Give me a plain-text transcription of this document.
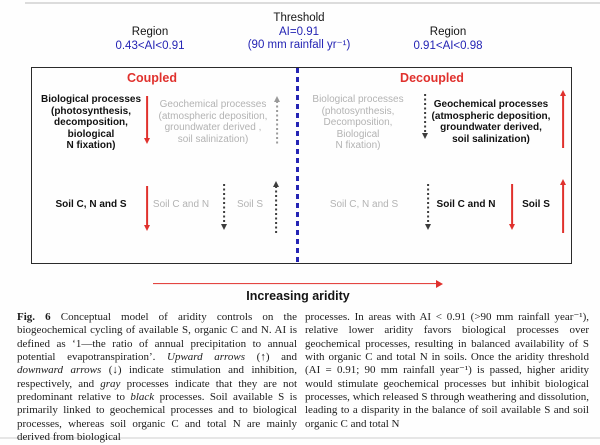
Region
0.43<AI<0.91
Threshold
AI=0.91
(90 mm rainfall yr⁻¹)
Region
0.91<AI<0.98
Coupled
Biological processes
(photosynthesis,
decomposition,
biological
N fixation)
Geochemical processes
(atmospheric deposition,
groundwater derived ,
soil salinization)
Soil C, N and S	Soil C and N	Soil S
Decoupled
Biological processes
(photosynthesis,
Decomposition,
Biological
N fixation)
Geochemical processes
(atmospheric deposition,
groundwater derived,
soil salinization)
Soil C, N and S	Soil C and N	Soil S
Increasing aridity
Fig. 6 Conceptual model of aridity controls on the biogeochemical cycling of available S, organic C and N. AI is defined as ‘1—the ratio of annual precipitation to annual potential evapotranspiration’. Upward arrows (↑) and downward arrows (↓) indicate stimulation and inhibition, respectively, and gray processes indicate that they are not predominant relative to black processes. Soil available S is primarily linked to geochemical processes and to biological processes, whereas soil organic C and total N are mainly derived from biological
processes. In areas with AI < 0.91 (>90 mm rainfall year⁻¹), relative lower aridity favors biological processes over geochemical processes, resulting in balanced availability of S with organic C and total N in soils. Once the aridity threshold (AI = 0.91; 90 mm rainfall year⁻¹) is passed, higher aridity would stimulate geochemical processes but inhibit biological processes, which released S through weathering and dissolution, leading to a disparity in the balance of soil available S and soil organic C and total N
